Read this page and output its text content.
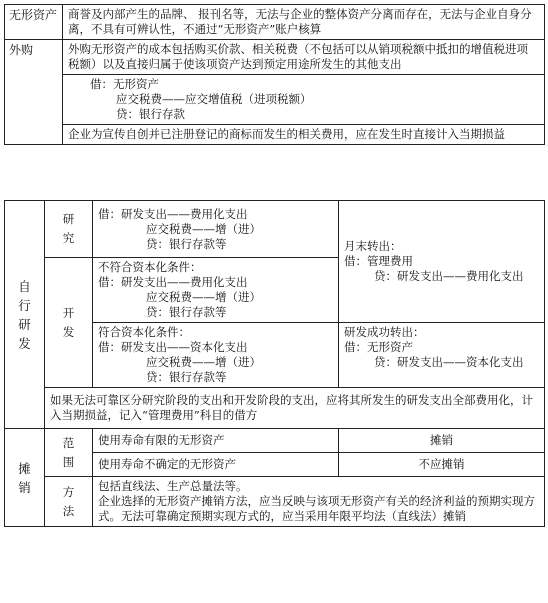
无形资产	商誉及内部产生的品牌、 报刊名等，无法与企业的整体资产分离而存在，无法与企业自身分离，不具有可辨认性，不通过“无形资产”账户核算
外购	外购无形资产的成本包括购买价款、相关税费（不包括可以从销项税额中抵扣的增值税进项税额）以及直接归属于使该项资产达到预定用途所发生的其他支出

	借：无形资产
应交税费——应交增值税（进项税额）
贷：银行存款

	企业为宣传自创并已注册登记的商标而发生的相关费用，应在发生时直接计入当期损益
自行研发	研究	借：研发支出——费用化支出
应交税费——增（进）
贷：银行存款等	月末转出：
借：管理费用
贷：研发支出——费用化支出

	开发	不符合资本化条件：
借：研发支出——费用化支出
应交税费——增（进）
贷：银行存款等	

		符合资本化条件：
借：研发支出——资本化支出
应交税费——增（进）
贷：银行存款等	研发成功转出：
借：无形资产
贷：研发支出——资本化支出

	如果无法可靠区分研究阶段的支出和开发阶段的支出，应将其所发生的研发支出全部费用化，计入当期损益，记入“管理费用”科目的借方		
摊销	范围	使用寿命有限的无形资产	摊销
		使用寿命不确定的无形资产	不应摊销
	方法	包括直线法、生产总量法等。
企业选择的无形资产摊销方法，应当反映与该项无形资产有关的经济利益的预期实现方式。无法可靠确定预期实现方式的，应当采用年限平均法（直线法）摊销	
